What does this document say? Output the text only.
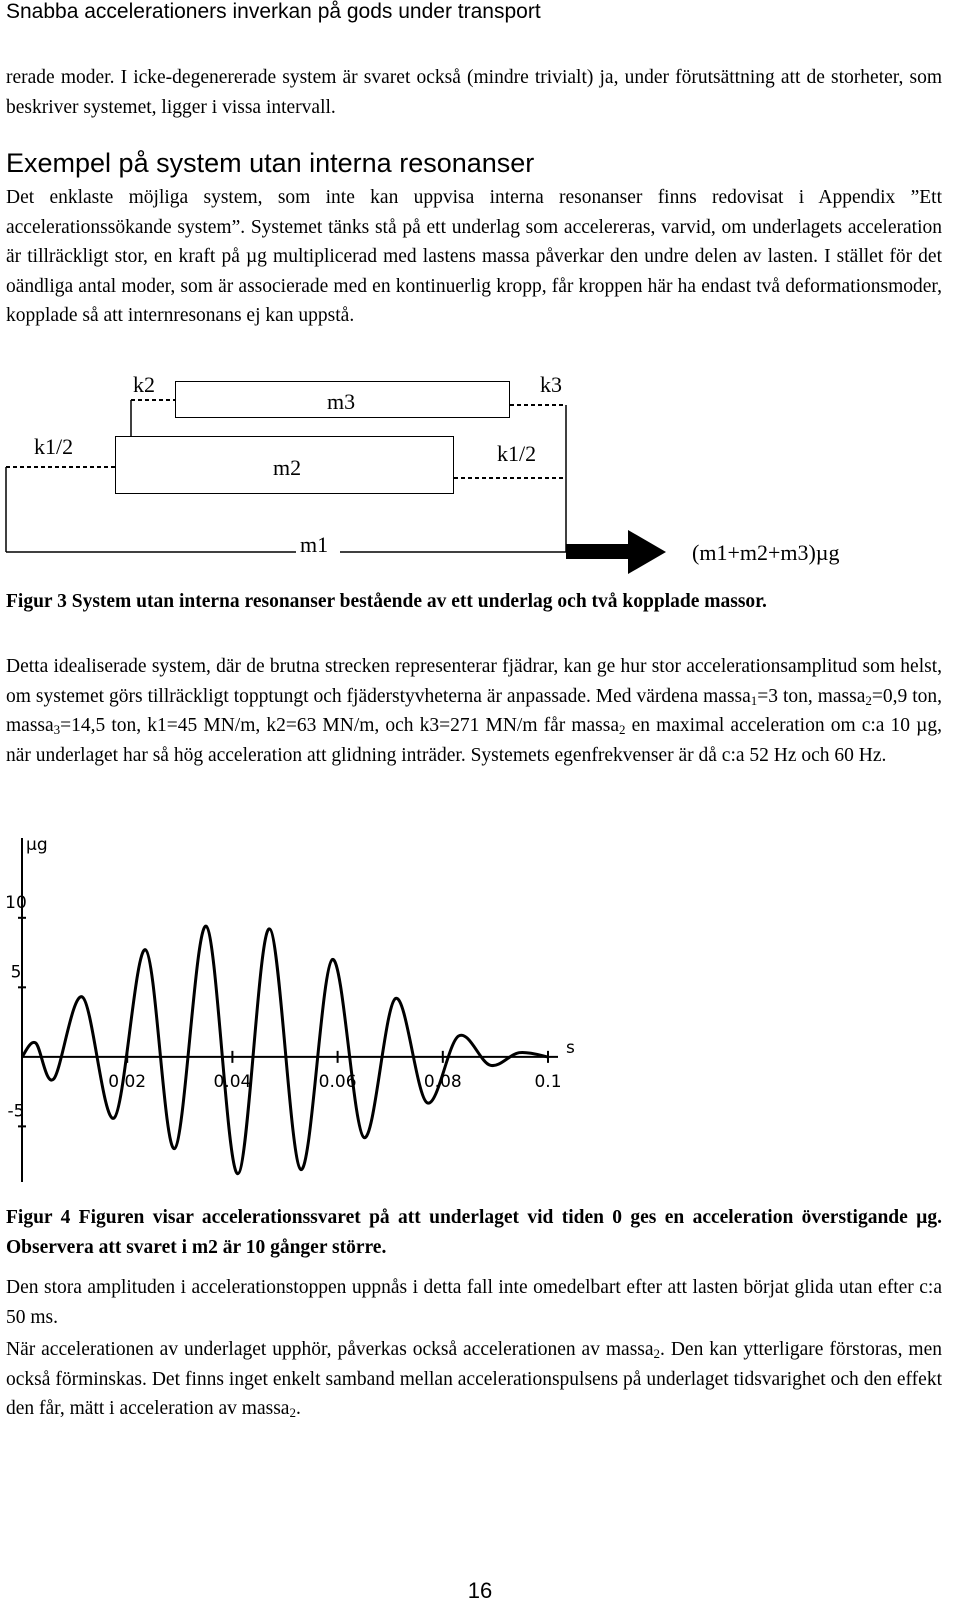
Snabba accelerationers inverkan på gods under transport

rerade moder. I icke-degenererade system är svaret också (mindre trivialt) ja, under förutsättning att de storheter, som beskriver systemet, ligger i vissa intervall.

Exempel på system utan interna resonanser

Det enklaste möjliga system, som inte kan uppvisa interna resonanser finns redovisat i Appendix ”Ett accelerationssökande system”. Systemet tänks stå på ett underlag som accelereras, varvid, om underlagets acceleration är tillräckligt stor, en kraft på µg multiplicerad med lastens massa påverkar den undre delen av lasten. I stället för det oändliga antal moder, som är associerade med en kontinuerlig kropp, får kroppen här ha endast två deformationsmoder, kopplade så att internresonans ej kan uppstå.

k2	k3
m3
k1/2	k1/2
m2
m1	(m1+m2+m3)µg

Figur 3 System utan interna resonanser bestående av ett underlag och två kopplade massor.

Detta idealiserade system, där de brutna strecken representerar fjädrar, kan ge hur stor accelerationsamplitud som helst, om systemet görs tillräckligt topptungt och fjäderstyvheterna är anpassade. Med värdena massa$_1$=3 ton, massa$_2$=0,9 ton, massa$_3$=14,5 ton, k1=45 MN/m, k2=63 MN/m, och k3=271 MN/m får massa$_2$ en maximal acceleration om c:a 10 µg, när underlaget har så hög acceleration att glidning inträder. Systemets egenfrekvenser är då c:a 52 Hz och 60 Hz.

µg
s
0.02	0.04	0.06	0.08	0.1
10
5
-5

Figur 4 Figuren visar accelerationssvaret på att underlaget vid tiden 0 ges en acceleration överstigande µg. Observera att svaret i m2 är 10 gånger större.

Den stora amplituden i accelerationstoppen uppnås i detta fall inte omedelbart efter att lasten börjat glida utan efter c:a 50 ms.

När accelerationen av underlaget upphör, påverkas också accelerationen av massa$_2$. Den kan ytterligare förstoras, men också förminskas. Det finns inget enkelt samband mellan accelerationspulsens på underlaget tidsvarighet och den effekt den får, mätt i acceleration av massa$_2$.

16
